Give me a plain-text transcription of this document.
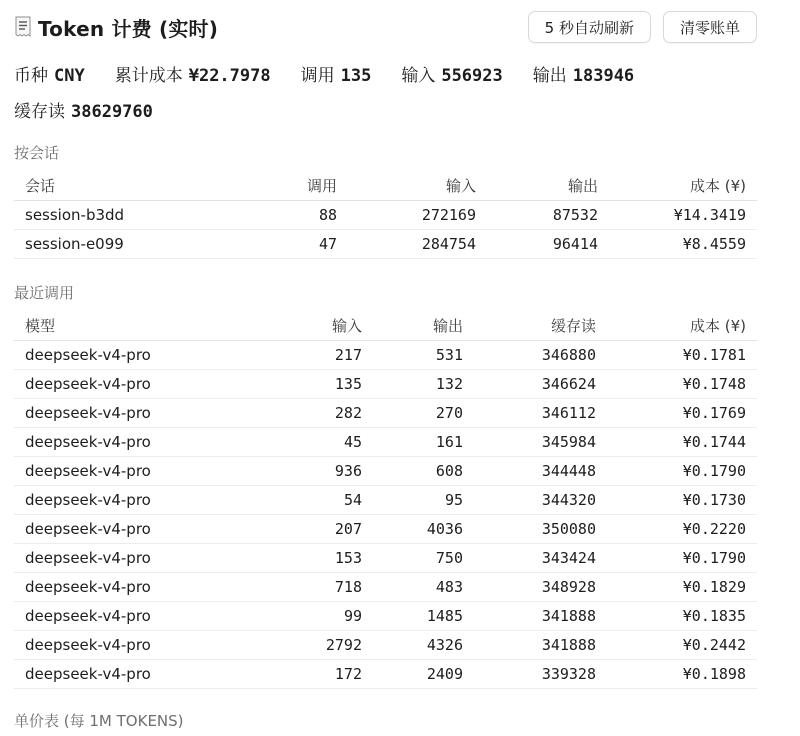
Token 计费 (实时)	5 秒自动刷新	清零账单
币种 CNY 累计成本 ¥22.7978 调用 135 输入 556923 输出 183946
缓存读 38629760
按会话
会话	调用	输入	输出	成本 (¥)
session-b3dd	88	272169	87532	¥14.3419
session-e099	47	284754	96414	¥8.4559
最近调用
模型	输入	输出	缓存读	成本 (¥)
deepseek-v4-pro	217	531	346880	¥0.1781
deepseek-v4-pro	135	132	346624	¥0.1748
deepseek-v4-pro	282	270	346112	¥0.1769
deepseek-v4-pro	45	161	345984	¥0.1744
deepseek-v4-pro	936	608	344448	¥0.1790
deepseek-v4-pro	54	95	344320	¥0.1730
deepseek-v4-pro	207	4036	350080	¥0.2220
deepseek-v4-pro	153	750	343424	¥0.1790
deepseek-v4-pro	718	483	348928	¥0.1829
deepseek-v4-pro	99	1485	341888	¥0.1835
deepseek-v4-pro	2792	4326	341888	¥0.2442
deepseek-v4-pro	172	2409	339328	¥0.1898
单价表 (每 1M TOKENS)
